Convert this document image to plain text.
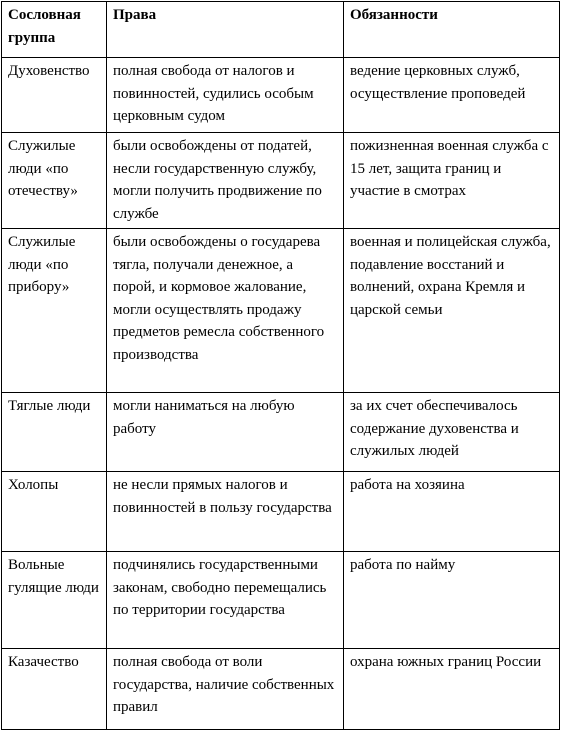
Сословная группа	Права	Обязанности
Духовенство	полная свобода от налогов и повинностей, судились особым церковным судом	ведение церковных служб, осуществление проповедей
Служилые люди «по отечеству»	были освобождены от податей, несли государственную службу, могли получить продвижение по службе	пожизненная военная служба с 15 лет, защита границ и участие в смотрах
Служилые люди «по прибору»	были освобождены о государева тягла, получали денежное, а порой, и кормовое жалование, могли осуществлять продажу предметов ремесла собственного производства	военная и полицейская служба, подавление восстаний и волнений, охрана Кремля и царской семьи
Тяглые люди	могли наниматься на любую работу	за их счет обеспечивалось содержание духовенства и служилых людей
Холопы	не несли прямых налогов и повинностей в пользу государства	работа на хозяина
Вольные гулящие люди	подчинялись государственными законам, свободно перемещались по территории государства	работа по найму
Казачество	полная свобода от воли государства, наличие собственных правил	охрана южных границ России
